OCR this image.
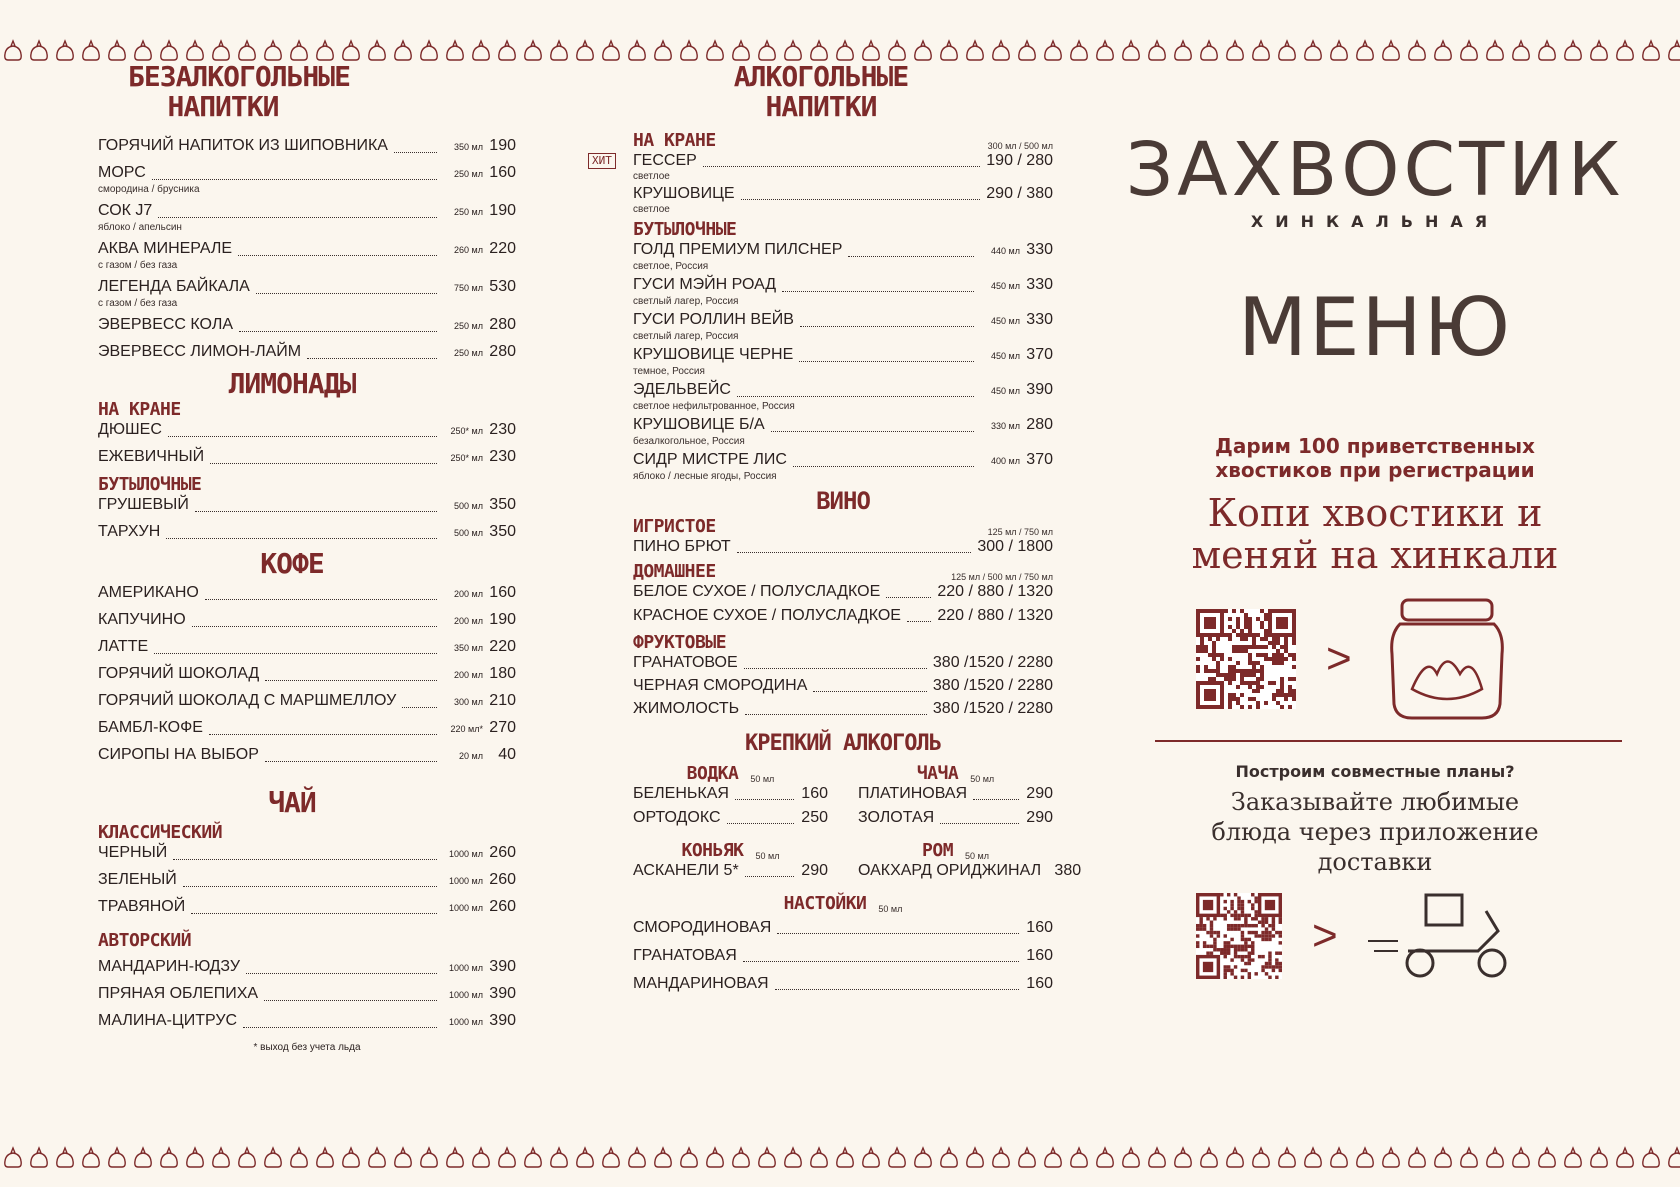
БЕЗАЛКОГОЛЬНЫЕ НАПИТКИ
ГОРЯЧИЙ НАПИТОК ИЗ ШИПОВНИКА	350 мл 190
МОРС	250 мл 160
смородина / брусника
СОК J7	250 мл 190
яблоко / апельсин
АКВА МИНЕРАЛЕ	260 мл 220
с газом / без газа
ЛЕГЕНДА БАЙКАЛА	750 мл 530
с газом / без газа
ЭВЕРВЕСС КОЛА	250 мл 280
ЭВЕРВЕСС ЛИМОН-ЛАЙМ	250 мл 280
ЛИМОНАДЫ
НА КРАНЕ
ДЮШЕС	250* мл 230
ЕЖЕВИЧНЫЙ	250* мл 230
БУТЫЛОЧНЫЕ
ГРУШЕВЫЙ	500 мл 350
ТАРХУН	500 мл 350
КОФЕ
АМЕРИКАНО	200 мл 160
КАПУЧИНО	200 мл 190
ЛАТТЕ	350 мл 220
ГОРЯЧИЙ ШОКОЛАД	200 мл 180
ГОРЯЧИЙ ШОКОЛАД С МАРШМЕЛЛОУ	300 мл 210
БАМБЛ-КОФЕ	220 мл* 270
СИРОПЫ НА ВЫБОР	20 мл 40
ЧАЙ
КЛАССИЧЕСКИЙ
ЧЕРНЫЙ	1000 мл 260
ЗЕЛЕНЫЙ	1000 мл 260
ТРАВЯНОЙ	1000 мл 260
АВТОРСКИЙ
МАНДАРИН-ЮДЗУ	1000 мл 390
ПРЯНАЯ ОБЛЕПИХА	1000 мл 390
МАЛИНА-ЦИТРУС	1000 мл 390
* выход без учета льда
АЛКОГОЛЬНЫЕ НАПИТКИ
НА КРАНЕ	300 мл / 500 мл
ХИТ ГЕССЕР	190 / 280
светлое
КРУШОВИЦЕ	290 / 380
светлое
БУТЫЛОЧНЫЕ
ГОЛД ПРЕМИУМ ПИЛСНЕР	440 мл 330
светлое, Россия
ГУСИ МЭЙН РОАД	450 мл 330
светлый лагер, Россия
ГУСИ РОЛЛИН ВЕЙВ	450 мл 330
светлый лагер, Россия
КРУШОВИЦЕ ЧЕРНЕ	450 мл 370
темное, Россия
ЭДЕЛЬВЕЙС	450 мл 390
светлое нефильтрованное, Россия
КРУШОВИЦЕ Б/А	330 мл 280
безалкогольное, Россия
СИДР МИСТРЕ ЛИС	400 мл 370
яблоко / лесные ягоды, Россия
ВИНО
ИГРИСТОЕ	125 мл / 750 мл
ПИНО БРЮТ	300 / 1800
ДОМАШНЕЕ	125 мл / 500 мл / 750 мл
БЕЛОЕ СУХОЕ / ПОЛУСЛАДКОЕ	220 / 880 / 1320
КРАСНОЕ СУХОЕ / ПОЛУСЛАДКОЕ 220 / 880 / 1320
ФРУКТОВЫЕ
ГРАНАТОВОЕ	380 /1520 / 2280
ЧЕРНАЯ СМОРОДИНА	380 /1520 / 2280
ЖИМОЛОСТЬ	380 /1520 / 2280
КРЕПКИЙ АЛКОГОЛЬ
ВОДКА 50 мл
БЕЛЕНЬКАЯ	160
ОРТОДОКС	250
ЧАЧА 50 мл
ПЛАТИНОВАЯ	290
ЗОЛОТАЯ	290
КОНЬЯК 50 мл
АСКАНЕЛИ 5*	290
РОМ 50 мл
ОАКХАРД ОРИДЖИНАЛ 380
НАСТОЙКИ 50 мл
СМОРОДИНОВАЯ	160
ГРАНАТОВАЯ	160
МАНДАРИНОВАЯ	160
ЗАХВОСТИК
ХИНКАЛЬНАЯ
МЕНЮ
Дарим 100 приветственных хвостиков при регистрации
Копи хвостики и меняй на хинкали
>
Построим совместные планы?
Заказывайте любимые блюда через приложение доставки
>
